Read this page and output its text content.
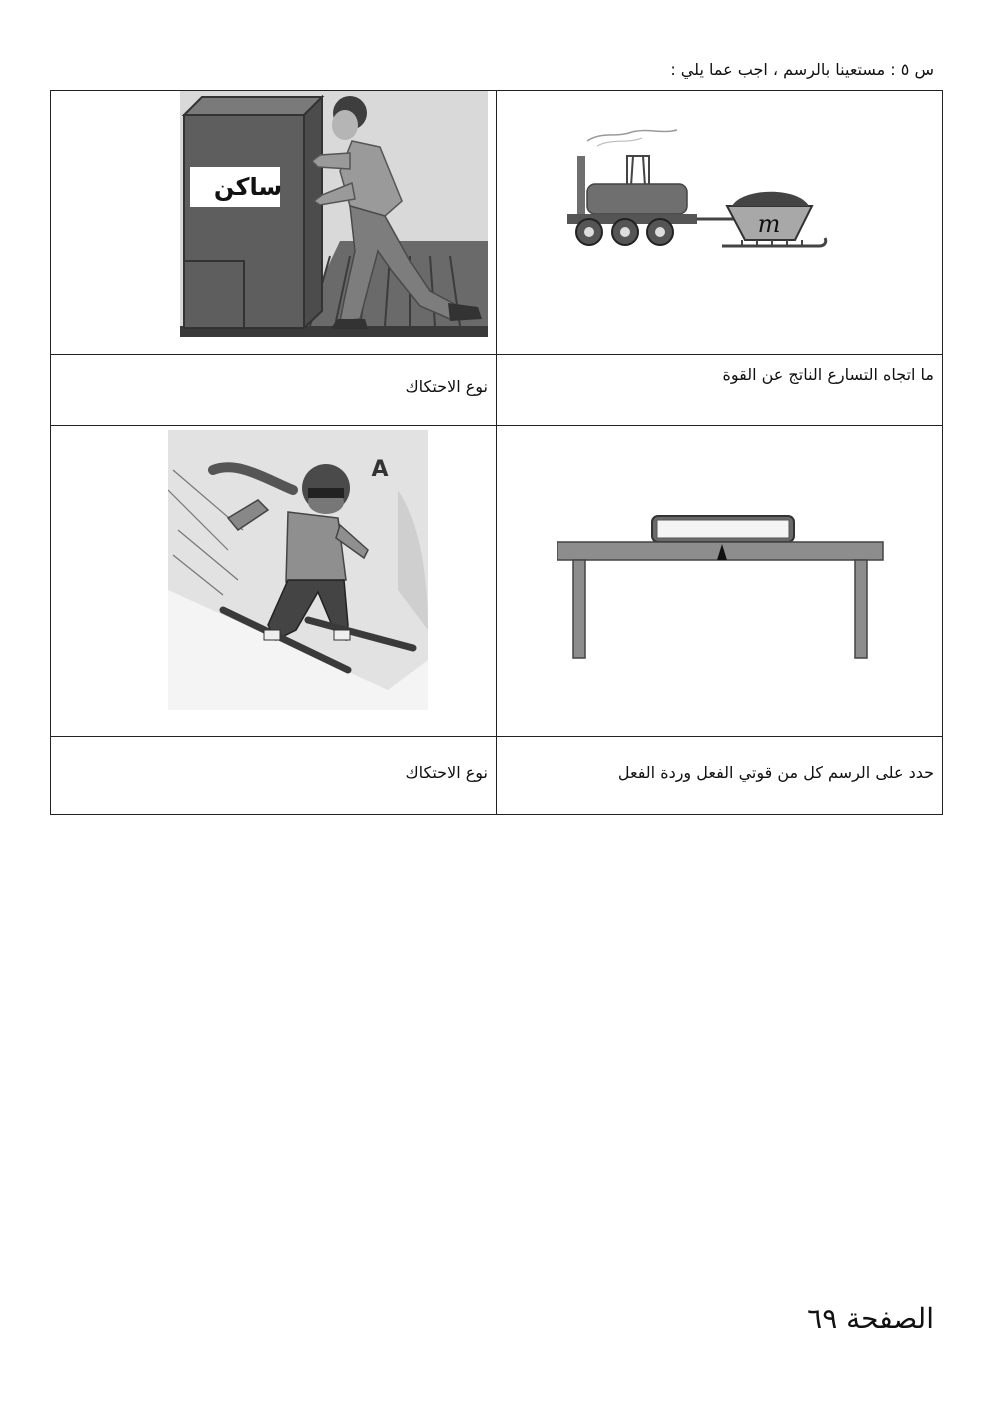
س ٥ : مستعينا بالرسم ، اجب عما يلي :
ساكن	m

نوع الاحتكاك	ما اتجاه التسارع الناتج عن القوة

A

نوع الاحتكاك	حدد على الرسم كل من قوتي الفعل وردة الفعل
الصفحة ٦٩
